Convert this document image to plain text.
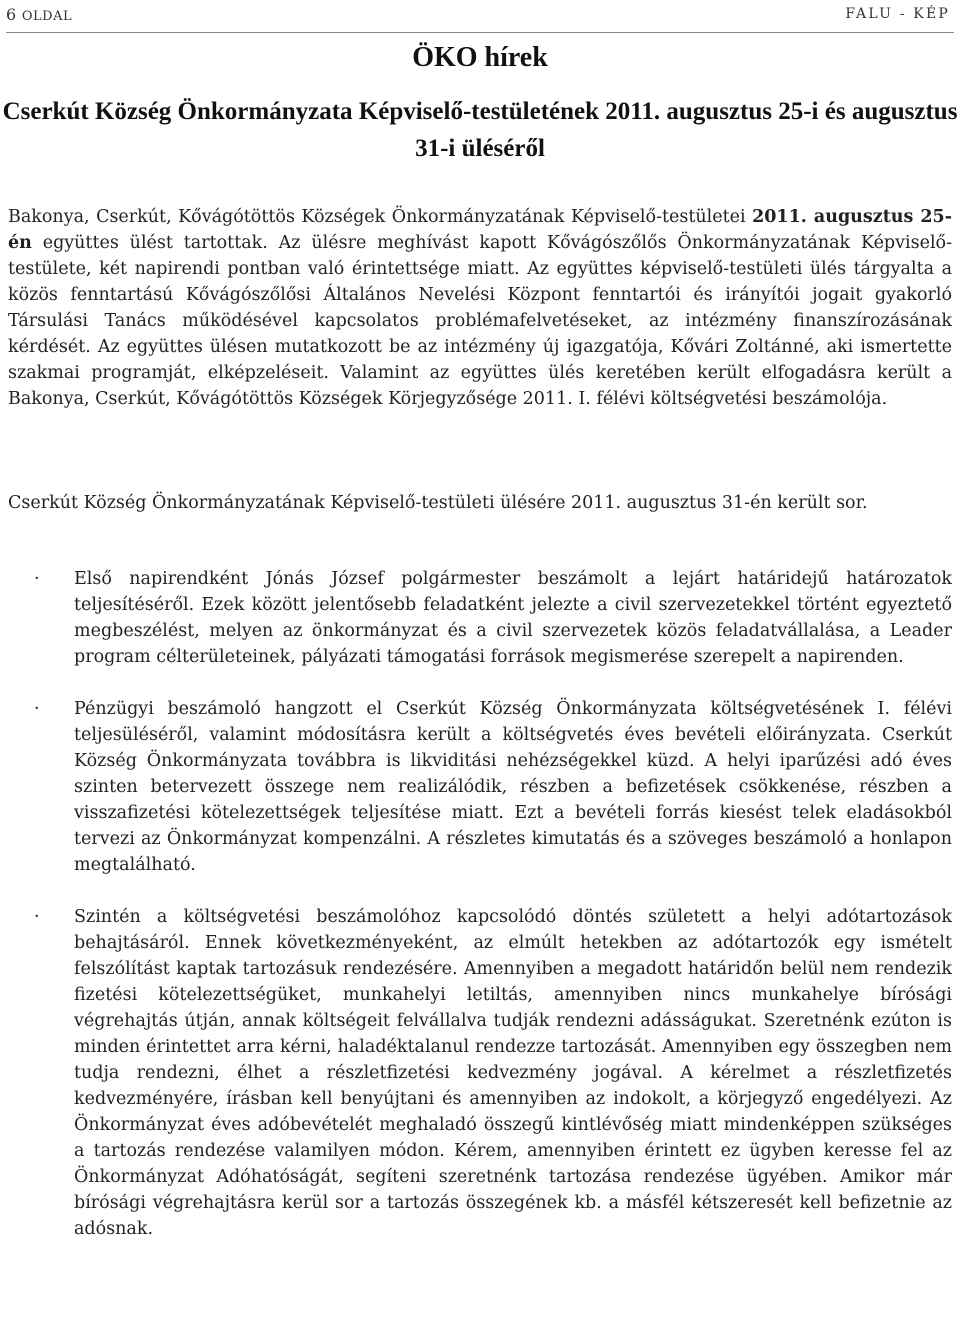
6 OLDAL	FALU - KÉP
ÖKO hírek
Cserkút Község Önkormányzata Képviselő-testületének 2011. augusztus 25-i és augusztus 31-i üléséről

Bakonya, Cserkút, Kővágótöttös Községek Önkormányzatának Képviselő-testületei 2011. augusztus 25-én együttes ülést tartottak. Az ülésre meghívást kapott Kővágószőlős Önkormányzatának Képviselő-testülete, két napirendi pontban való érintettsége miatt. Az együttes képviselő-testületi ülés tárgyalta a közös fenntartású Kővágószőlősi Általános Nevelési Központ fenntartói és irányítói jogait gyakorló Társulási Tanács működésével kapcsolatos problémafelvetéseket, az intézmény finanszírozásának kérdését. Az együttes ülésen mutatkozott be az intézmény új igazgatója, Kővári Zoltánné, aki ismertette szakmai programját, elképzeléseit. Valamint az együttes ülés keretében került elfogadásra került a Bakonya, Cserkút, Kővágótöttös Községek Körjegyzősége 2011. I. félévi költségvetési beszámolója.

Cserkút Község Önkormányzatának Képviselő-testületi ülésére 2011. augusztus 31-én került sor.

· Első napirendként Jónás József polgármester beszámolt a lejárt határidejű határozatok teljesítéséről. Ezek között jelentősebb feladatként jelezte a civil szervezetekkel történt egyeztető megbeszélést, melyen az önkormányzat és a civil szervezetek közös feladatvállalása, a Leader program célterületeinek, pályázati támogatási források megismerése szerepelt a napirenden.
· Pénzügyi beszámoló hangzott el Cserkút Község Önkormányzata költségvetésének I. félévi teljesüléséről, valamint módosításra került a költségvetés éves bevételi előirányzata. Cserkút Község Önkormányzata továbbra is likviditási nehézségekkel küzd. A helyi iparűzési adó éves szinten betervezett összege nem realizálódik, részben a befizetések csökkenése, részben a visszafizetési kötelezettségek teljesítése miatt. Ezt a bevételi forrás kiesést telek eladásokból tervezi az Önkormányzat kompenzálni. A részletes kimutatás és a szöveges beszámoló a honlapon megtalálható.
· Szintén a költségvetési beszámolóhoz kapcsolódó döntés született a helyi adótartozások behajtásáról. Ennek következményeként, az elmúlt hetekben az adótartozók egy ismételt felszólítást kaptak tartozásuk rendezésére. Amennyiben a megadott határidőn belül nem rendezik fizetési kötelezettségüket, munkahelyi letiltás, amennyiben nincs munkahelye bírósági végrehajtás útján, annak költségeit felvállalva tudják rendezni adásságukat. Szeretnénk ezúton is minden érintettet arra kérni, haladéktalanul rendezze tartozását. Amennyiben egy összegben nem tudja rendezni, élhet a részletfizetési kedvezmény jogával. A kérelmet a részletfizetés kedvezményére, írásban kell benyújtani és amennyiben az indokolt, a körjegyző engedélyezi. Az Önkormányzat éves adóbevételét meghaladó összegű kintlévőség miatt mindenképpen szükséges a tartozás rendezése valamilyen módon. Kérem, amennyiben érintett ez ügyben keresse fel az Önkormányzat Adóhatóságát, segíteni szeretnénk tartozása rendezése ügyében. Amikor már bírósági végrehajtásra kerül sor a tartozás összegének kb. a másfél kétszeresét kell befizetnie az adósnak.
